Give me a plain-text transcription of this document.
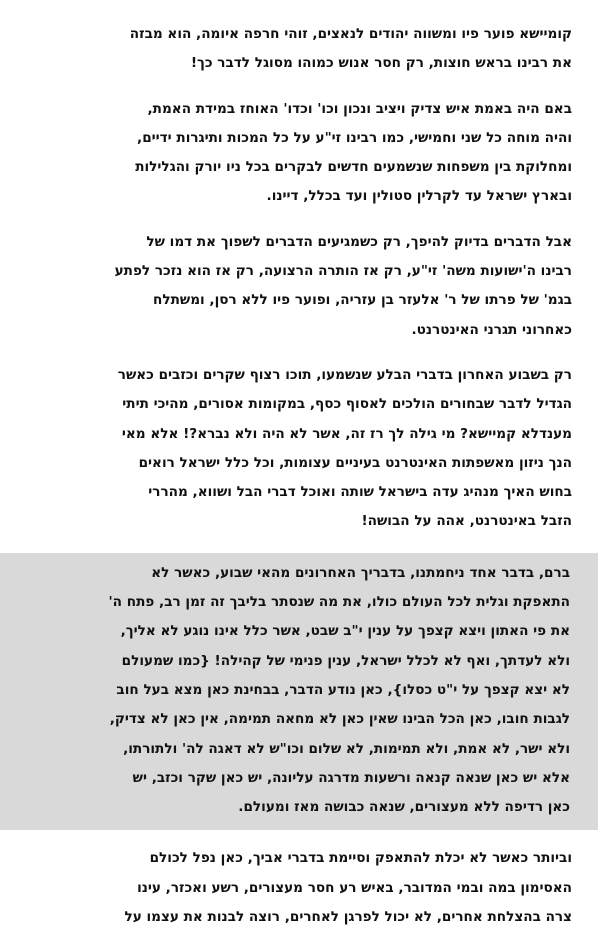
קומיישא פוער פיו ומשווה יהודים לנאצים, זוהי חרפה איומה, הוא מבזה
את רבינו בראש חוצות, רק חסר אנוש כמוהו מסוגל לדבר כך!

באם היה באמת איש צדיק ויציב ונכון וכו' וכדו' האוחז במידת האמת,
והיה מוחה כל שני וחמישי, כמו רבינו זי"ע על כל המכות ותיגרות ידיים,
ומחלוקת בין משפחות שנשמעים חדשים לבקרים בכל ניו יורק והגלילות
ובארץ ישראל עד לקרלין סטולין ועד בכלל, דיינו.

אבל הדברים בדיוק להיפך, רק כשמגיעים הדברים לשפוך את דמו של
רבינו ה'ישועות משה' זי"ע, רק אז הותרה הרצועה, רק אז הוא נזכר לפתע
בגמ' של פרתו של ר' אלעזר בן עזריה, ופוער פיו ללא רסן, ומשתלח
כאחרוני תגרני האינטרנט.

רק בשבוע האחרון בדברי הבלע שנשמעו, תוכו רצוף שקרים וכזבים כאשר
הגדיל לדבר שבחורים הולכים לאסוף כסף, במקומות אסורים, מהיכי תיתי
מענדלא קמיישא? מי גילה לך רז זה, אשר לא היה ולא נברא?! אלא מאי
הנך ניזון מאשפתות האינטרנט בעיניים עצומות, וכל כלל ישראל רואים
בחוש האיך מנהיג עדה בישראל שותה ואוכל דברי הבל ושווא, מהררי
הזבל באינטרנט, אהה על הבושה!

ברם, בדבר אחד ניחמתנו, בדבריך האחרונים מהאי שבוע, כאשר לא
התאפקת וגלית לכל העולם כולו, את מה שנסתר בליבך זה זמן רב, פתח ה'
את פי האתון ויצא קצפך על ענין י"ב שבט, אשר כלל אינו נוגע לא אליך,
ולא לעדתך, ואף לא לכלל ישראל, ענין פנימי של קהילה! {כמו שמעולם
לא יצא קצפך על י"ט כסלו}, כאן נודע הדבר, בבחינת כאן מצא בעל חוב
לגבות חובו, כאן הכל הבינו שאין כאן לא מחאה תמימה, אין כאן לא צדיק,
ולא ישר, לא אמת, ולא תמימות, לא שלום וכו"ש לא דאגה לה' ולתורתו,
אלא יש כאן שנאה קנאה ורשעות מדרגה עליונה, יש כאן שקר וכזב, יש
כאן רדיפה ללא מעצורים, שנאה כבושה מאז ומעולם.

וביותר כאשר לא יכלת להתאפק וסיימת בדברי אביך, כאן נפל לכולם
האסימון במה ובמי המדובר, באיש רע חסר מעצורים, רשע ואכזר, עינו
צרה בהצלחת אחרים, לא יכול לפרגן לאחרים, רוצה לבנות את עצמו על
